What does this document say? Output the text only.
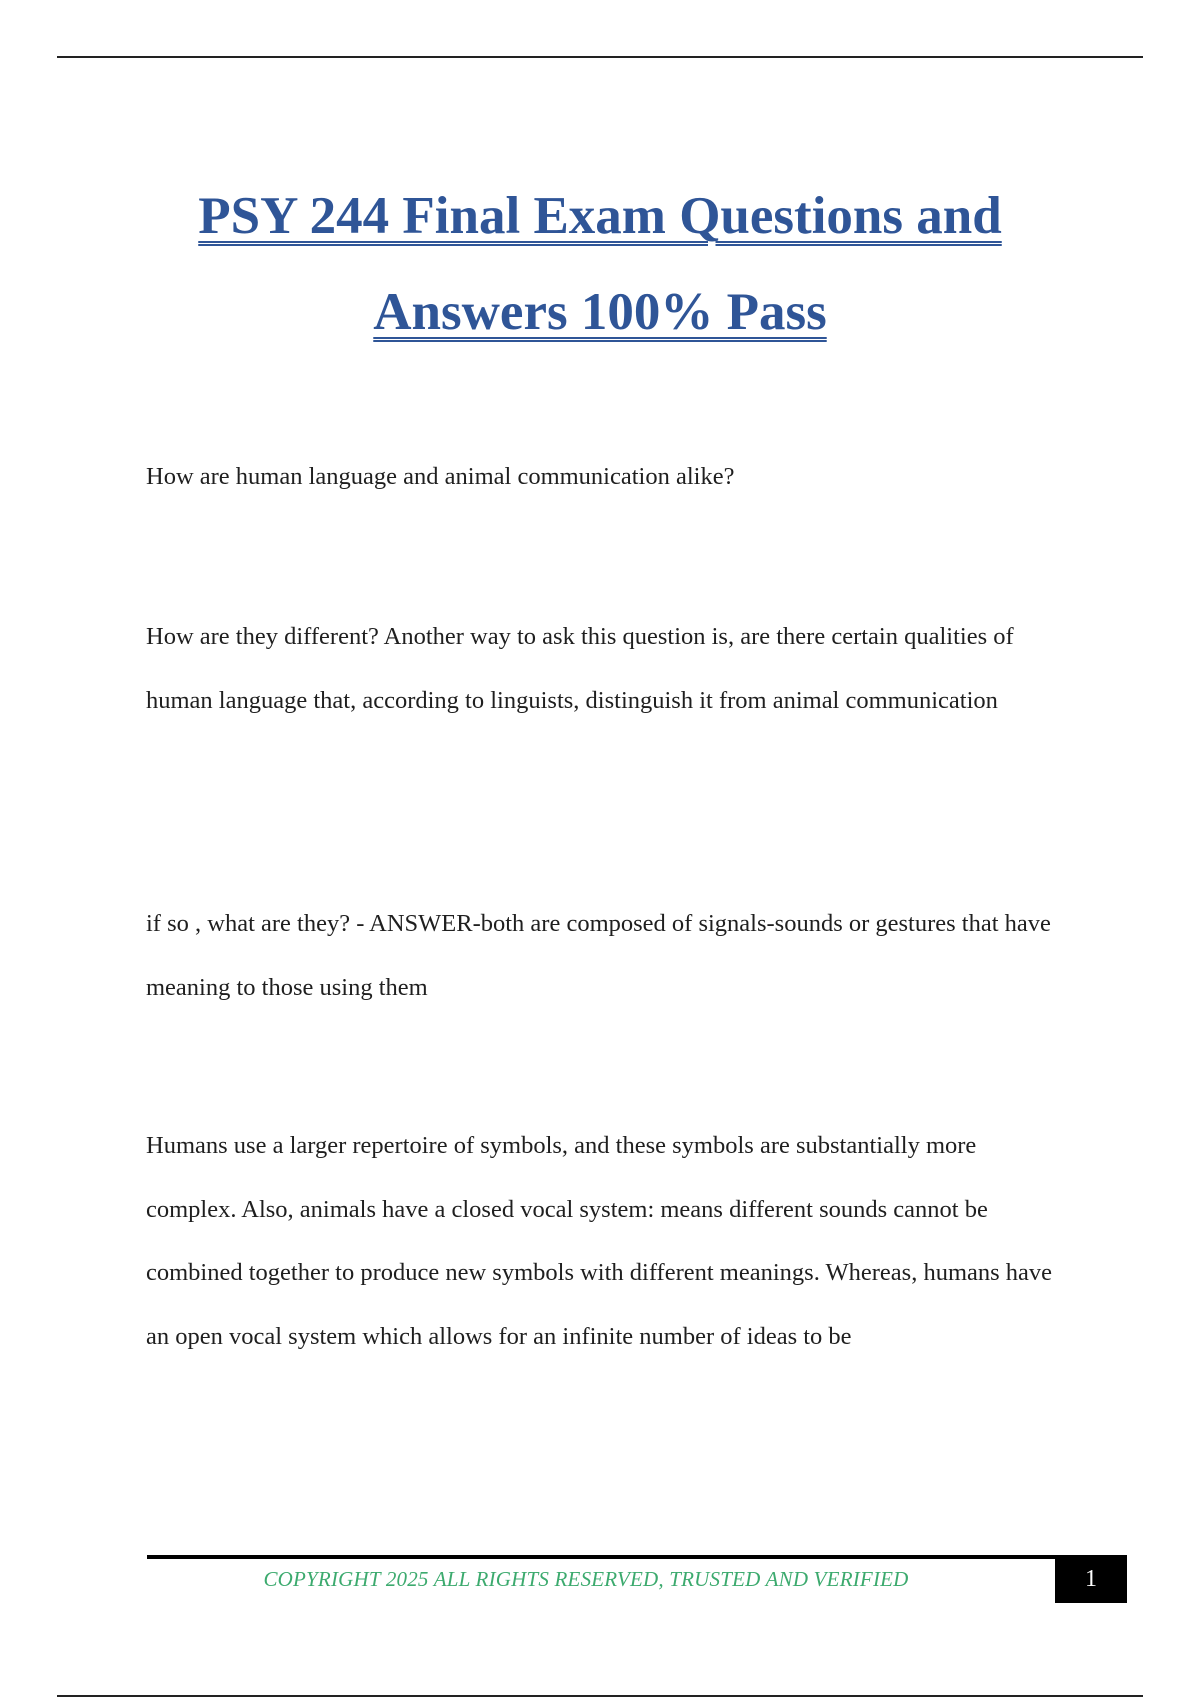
PSY 244 Final Exam Questions and
Answers 100% Pass

How are human language and animal communication alike?

How are they different? Another way to ask this question is, are there certain qualities of human language that, according to linguists, distinguish it from animal communication

if so , what are they? - ANSWER-both are composed of signals-sounds or gestures that have meaning to those using them

Humans use a larger repertoire of symbols, and these symbols are substantially more complex. Also, animals have a closed vocal system: means different sounds cannot be combined together to produce new symbols with different meanings. Whereas, humans have an open vocal system which allows for an infinite number of ideas to be

COPYRIGHT 2025 ALL RIGHTS RESERVED, TRUSTED AND VERIFIED	1
